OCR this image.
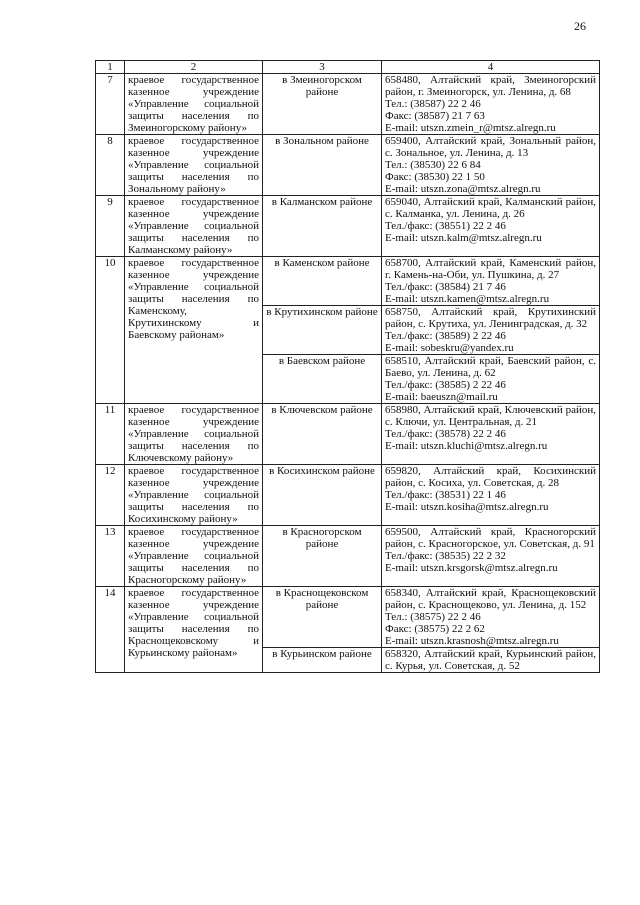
26
1	2	3	4
7	краевое государственное казенное учреждение «Управление социальной защиты населения по Змеиногорскому району»	в Змеиногорском районе	658480, Алтайский край, Змеиногорский район, г. Змеиногорск, ул. Ленина, д. 68
Тел.: (38587) 22 2 46
Факс: (38587) 21 7 63
E-mail: utszn.zmein_r@mtsz.alregn.ru
8	краевое государственное казенное учреждение «Управление социальной защиты населения по Зональному району»	в Зональном районе	659400, Алтайский край, Зональный район, с. Зональное, ул. Ленина, д. 13
Тел.: (38530) 22 6 84
Факс: (38530) 22 1 50
E-mail: utszn.zona@mtsz.alregn.ru
9	краевое государственное казенное учреждение «Управление социальной защиты населения по Калманскому району»	в Калманском районе	659040, Алтайский край, Калманский район, с. Калманка, ул. Ленина, д. 26
Тел./факс: (38551) 22 2 46
E-mail: utszn.kalm@mtsz.alregn.ru
10	краевое государственное казенное учреждение «Управление социальной защиты населения по Каменскому, Крутихинскому и Баевскому районам»	в Каменском районе	658700, Алтайский край, Каменский район, г. Камень-на-Оби, ул. Пушкина, д. 27
Тел./факс: (38584) 21 7 46
E-mail: utszn.kamen@mtsz.alregn.ru
		в Крутихинском районе	658750, Алтайский край, Крутихинский район, с. Крутиха, ул. Ленинградская, д. 32
Тел./факс: (38589) 2 22 46
E-mail: sobeskru@yandex.ru
		в Баевском районе	658510, Алтайский край, Баевский район, с. Баево, ул. Ленина, д. 62
Тел./факс: (38585) 2 22 46
E-mail: baeuszn@mail.ru
11	краевое государственное казенное учреждение «Управление социальной защиты населения по Ключевскому району»	в Ключевском районе	658980, Алтайский край, Ключевский район, с. Ключи, ул. Центральная, д. 21
Тел./факс: (38578) 22 2 46
E-mail: utszn.kluchi@mtsz.alregn.ru
12	краевое государственное казенное учреждение «Управление социальной защиты населения по Косихинскому району»	в Косихинском районе	659820, Алтайский край, Косихинский район, с. Косиха, ул. Советская, д. 28
Тел./факс: (38531) 22 1 46
E-mail: utszn.kosiha@mtsz.alregn.ru
13	краевое государственное казенное учреждение «Управление социальной защиты населения по Красногорскому району»	в Красногорском районе	659500, Алтайский край, Красногорский район, с. Красногорское, ул. Советская, д. 91
Тел./факс: (38535) 22 2 32
E-mail: utszn.krsgorsk@mtsz.alregn.ru
14	краевое государственное казенное учреждение «Управление социальной защиты населения по Краснощековскому и Курьинскому районам»	в Краснощековском районе	658340, Алтайский край, Краснощековский район, с. Краснощеково, ул. Ленина, д. 152
Тел.: (38575) 22 2 46
Факс: (38575) 22 2 62
E-mail: utszn.krasnosh@mtsz.alregn.ru
		в Курьинском районе	658320, Алтайский край, Курьинский район, с. Курья, ул. Советская, д. 52
